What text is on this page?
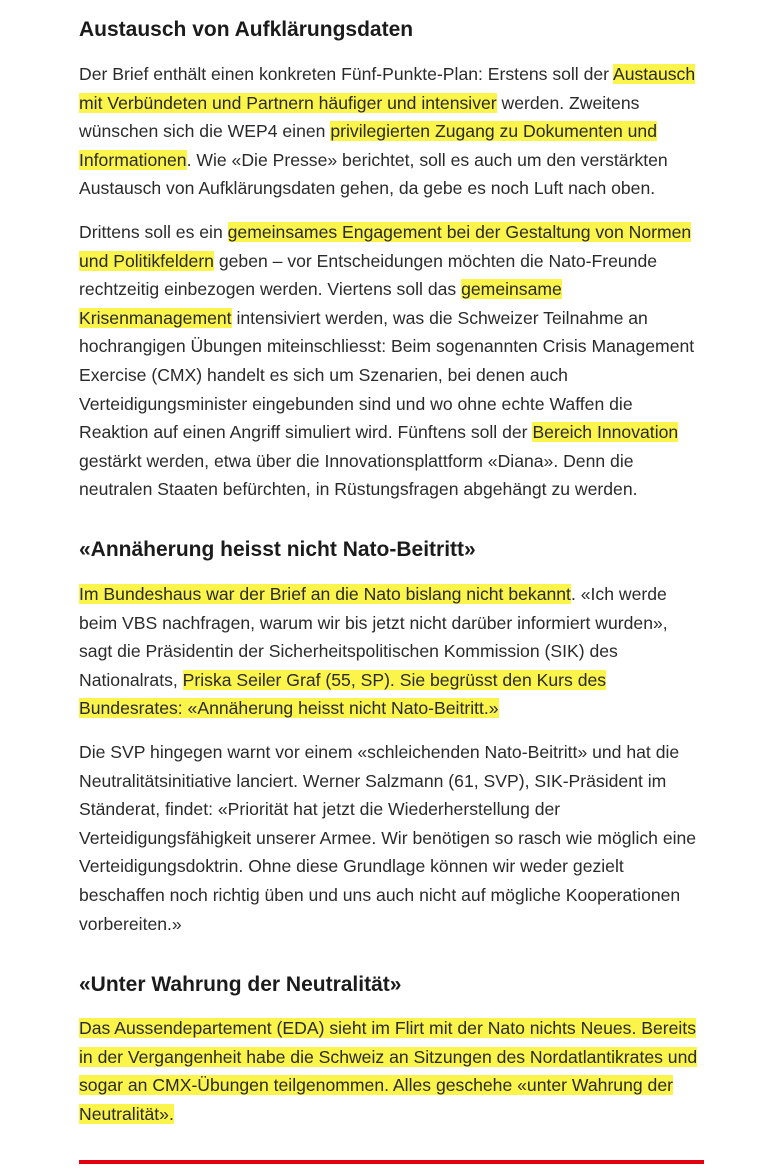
Austausch von Aufklärungsdaten

Der Brief enthält einen konkreten Fünf-Punkte-Plan: Erstens soll der Austausch mit Verbündeten und Partnern häufiger und intensiver werden. Zweitens wünschen sich die WEP4 einen privilegierten Zugang zu Dokumenten und Informationen. Wie «Die Presse» berichtet, soll es auch um den verstärkten Austausch von Aufklärungsdaten gehen, da gebe es noch Luft nach oben.

Drittens soll es ein gemeinsames Engagement bei der Gestaltung von Normen und Politikfeldern geben – vor Entscheidungen möchten die Nato-Freunde rechtzeitig einbezogen werden. Viertens soll das gemeinsame Krisenmanagement intensiviert werden, was die Schweizer Teilnahme an hochrangigen Übungen miteinschliesst: Beim sogenannten Crisis Management Exercise (CMX) handelt es sich um Szenarien, bei denen auch Verteidigungsminister eingebunden sind und wo ohne echte Waffen die Reaktion auf einen Angriff simuliert wird. Fünftens soll der Bereich Innovation gestärkt werden, etwa über die Innovationsplattform «Diana». Denn die neutralen Staaten befürchten, in Rüstungsfragen abgehängt zu werden.

«Annäherung heisst nicht Nato-Beitritt»

Im Bundeshaus war der Brief an die Nato bislang nicht bekannt. «Ich werde beim VBS nachfragen, warum wir bis jetzt nicht darüber informiert wurden», sagt die Präsidentin der Sicherheitspolitischen Kommission (SIK) des Nationalrats, Priska Seiler Graf (55, SP). Sie begrüsst den Kurs des Bundesrates: «Annäherung heisst nicht Nato-Beitritt.»

Die SVP hingegen warnt vor einem «schleichenden Nato-Beitritt» und hat die Neutralitätsinitiative lanciert. Werner Salzmann (61, SVP), SIK-Präsident im Ständerat, findet: «Priorität hat jetzt die Wiederherstellung der Verteidigungsfähigkeit unserer Armee. Wir benötigen so rasch wie möglich eine Verteidigungsdoktrin. Ohne diese Grundlage können wir weder gezielt beschaffen noch richtig üben und uns auch nicht auf mögliche Kooperationen vorbereiten.»

«Unter Wahrung der Neutralität»

Das Aussendepartement (EDA) sieht im Flirt mit der Nato nichts Neues. Bereits in der Vergangenheit habe die Schweiz an Sitzungen des Nordatlantikrates und sogar an CMX-Übungen teilgenommen. Alles geschehe «unter Wahrung der Neutralität».
